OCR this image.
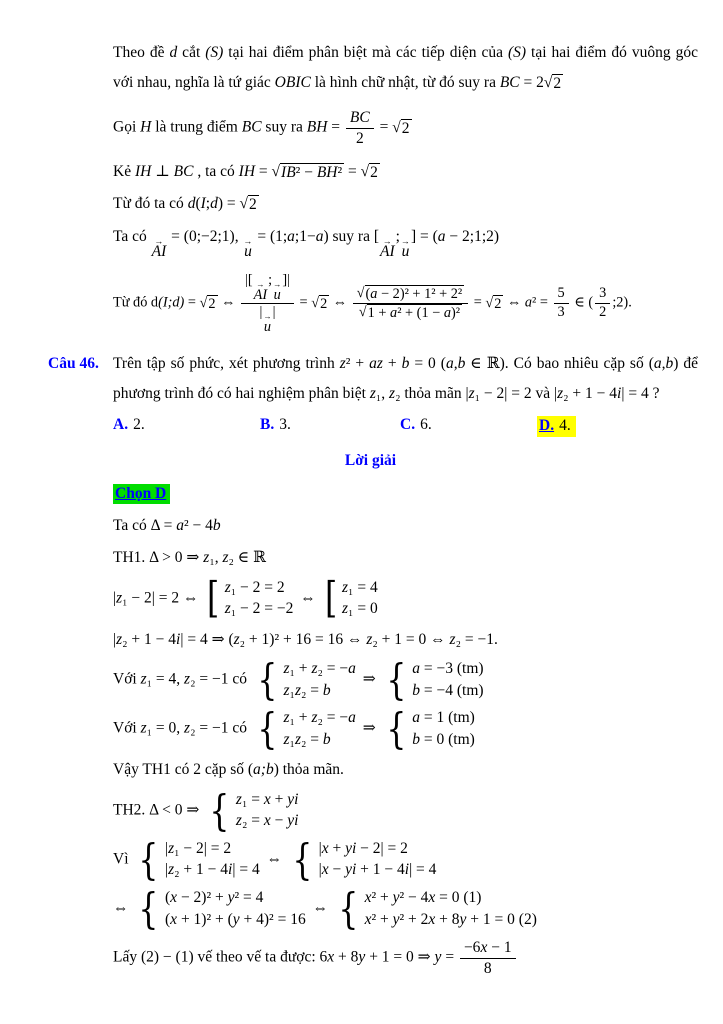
Theo đề d cắt (S) tại hai điểm phân biệt mà các tiếp diện của (S) tại hai điểm đó vuông góc với nhau, nghĩa là tứ giác OBIC là hình chữ nhật, từ đó suy ra BC = 2 √ 2

Gọi H là trung điểm BC suy ra BH = $\frac{BC}{2}$ = √ 2

Kẻ IH ⊥ BC , ta có IH = √ IB² − BH² = √ 2

Từ đó ta có d(I;d) = √ 2

Ta có →
AI
= (0;−2;1), →
u
= (1;a;1−a) suy ra [ →
AI
; →
u
] = (a − 2;1;2)

Từ đó d(I;d) = √ 2 ⇔ |[ →
AI
; →
u
]|
| →
u
| = √ 2 ⇔ $\frac{\text{√ (a − 2)² + 1² + 2²}}{\text{√ 1 + a² + (1 − a)²}}$ = √ 2 ⇔ $a^2 = \frac{5}{3}$ ∈ ( $\frac{3}{2}$ ;2).

Câu 46. Trên tập số phức, xét phương trình z² + az + b = 0 (a,b ∈ ℝ). Có bao nhiêu cặp số (a,b) để phương trình đó có hai nghiệm phân biệt z₁, z₂ thỏa mãn |z₁ − 2| = 2 và |z₂ + 1 − 4i| = 4 ?

A. 2.	B. 3.	C. 6.	D. 4.

Lời giải

Chọn D

Ta có Δ = a² − 4b

TH1. Δ > 0 ⇒ z₁, z₂ ∈ ℝ

|z₁ − 2| = 2 ⇔ [ z₁ − 2 = 2
z₁ − 2 = −2
⇔ [ z₁ = 4
z₁ = 0

|z₂ + 1 − 4i| = 4 ⇒ (z₂ + 1)² + 16 = 16 ⇔ z₂ + 1 = 0 ⇔ z₂ = −1.

Với z₁ = 4, z₂ = −1 có { z₁ + z₂ = −a
z₁z₂ = b
⇒ { a = −3 (tm)
b = −4 (tm)

Với z₁ = 0, z₂ = −1 có { z₁ + z₂ = −a
z₁z₂ = b
⇒ { a = 1 (tm)
b = 0 (tm)

Vậy TH1 có 2 cặp số (a;b) thỏa mãn.

TH2. Δ < 0 ⇒ { z₁ = x + yi
z₂ = x − yi

Vì { |z₁ − 2| = 2
|z₂ + 1 − 4i| = 4
⇔ { |x + yi − 2| = 2
|x − yi + 1 − 4i| = 4

⇔ { (x − 2)² + y² = 4
(x + 1)² + (y + 4)² = 16
⇔ { x² + y² − 4x = 0 (1)
x² + y² + 2x + 8y + 1 = 0 (2)

Lấy (2) − (1) vế theo vế ta được: 6x + 8y + 1 = 0 ⇒ $y = \frac{-6x - 1}{8}$
